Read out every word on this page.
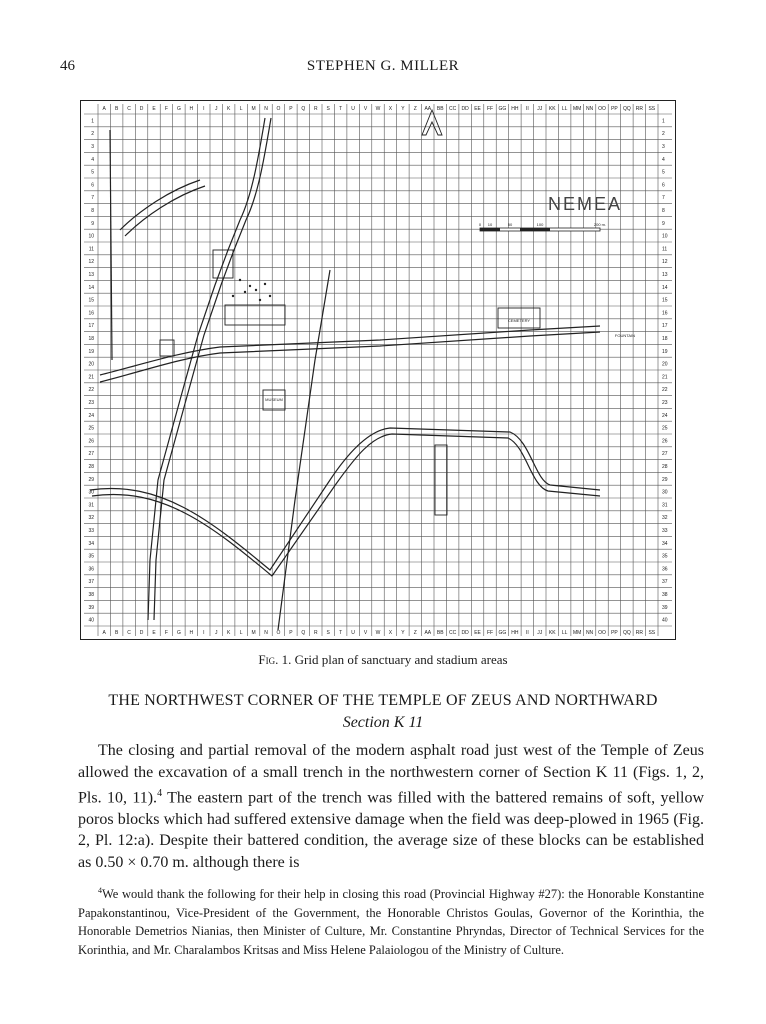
46	STEPHEN G. MILLER
A B C D E F G H I J K L M N O P Q R S T U V W X Y Z AA BB CC DD EE FF GG HH II JJ KK LL MM NN OO PP QQ RR SS
A B C D E F G H I J K L M N O P Q R S T U V W X Y Z AA BB CC DD EE FF GG HH II JJ KK LL MM NN OO PP QQ RR SS
1
2
3
4
5
6
7
8
9
10
11
12
13
14
15
16
17
18
19
20
21
22
23
24
25
26
27
28
29
30
31
32
33
34
35
36
37
38
39
40
1
2
3
4
5
6
7
8
9
10
11
12
13
14
15
16
17
18
19
20
21
22
23
24
25
26
27
28
29
30
31
32
33
34
35
36
37
38
39
40
NEMEA
CEMETERY
FOUNTAIN
MUSEUM
0 10	50	100	200 m.
Fig. 1. Grid plan of sanctuary and stadium areas
THE NORTHWEST CORNER OF THE TEMPLE OF ZEUS AND NORTHWARD
Section K 11
The closing and partial removal of the modern asphalt road just west of the Temple of Zeus allowed the excavation of a small trench in the northwestern corner of Section K 11 (Figs. 1, 2, Pls. 10, 11).$^4$ The eastern part of the trench was filled with the battered remains of soft, yellow poros blocks which had suffered extensive damage when the field was deep-plowed in 1965 (Fig. 2, Pl. 12:a). Despite their battered condition, the average size of these blocks can be established as 0.50 × 0.70 m. although there is
$^4$We would thank the following for their help in closing this road (Provincial Highway #27): the Honorable Konstantine Papakonstantinou, Vice-President of the Government, the Honorable Christos Goulas, Governor of the Korinthia, the Honorable Demetrios Nianias, then Minister of Culture, Mr. Constantine Phryndas, Director of Technical Services for the Korinthia, and Mr. Charalambos Kritsas and Miss Helene Palaiologou of the Ministry of Culture.
